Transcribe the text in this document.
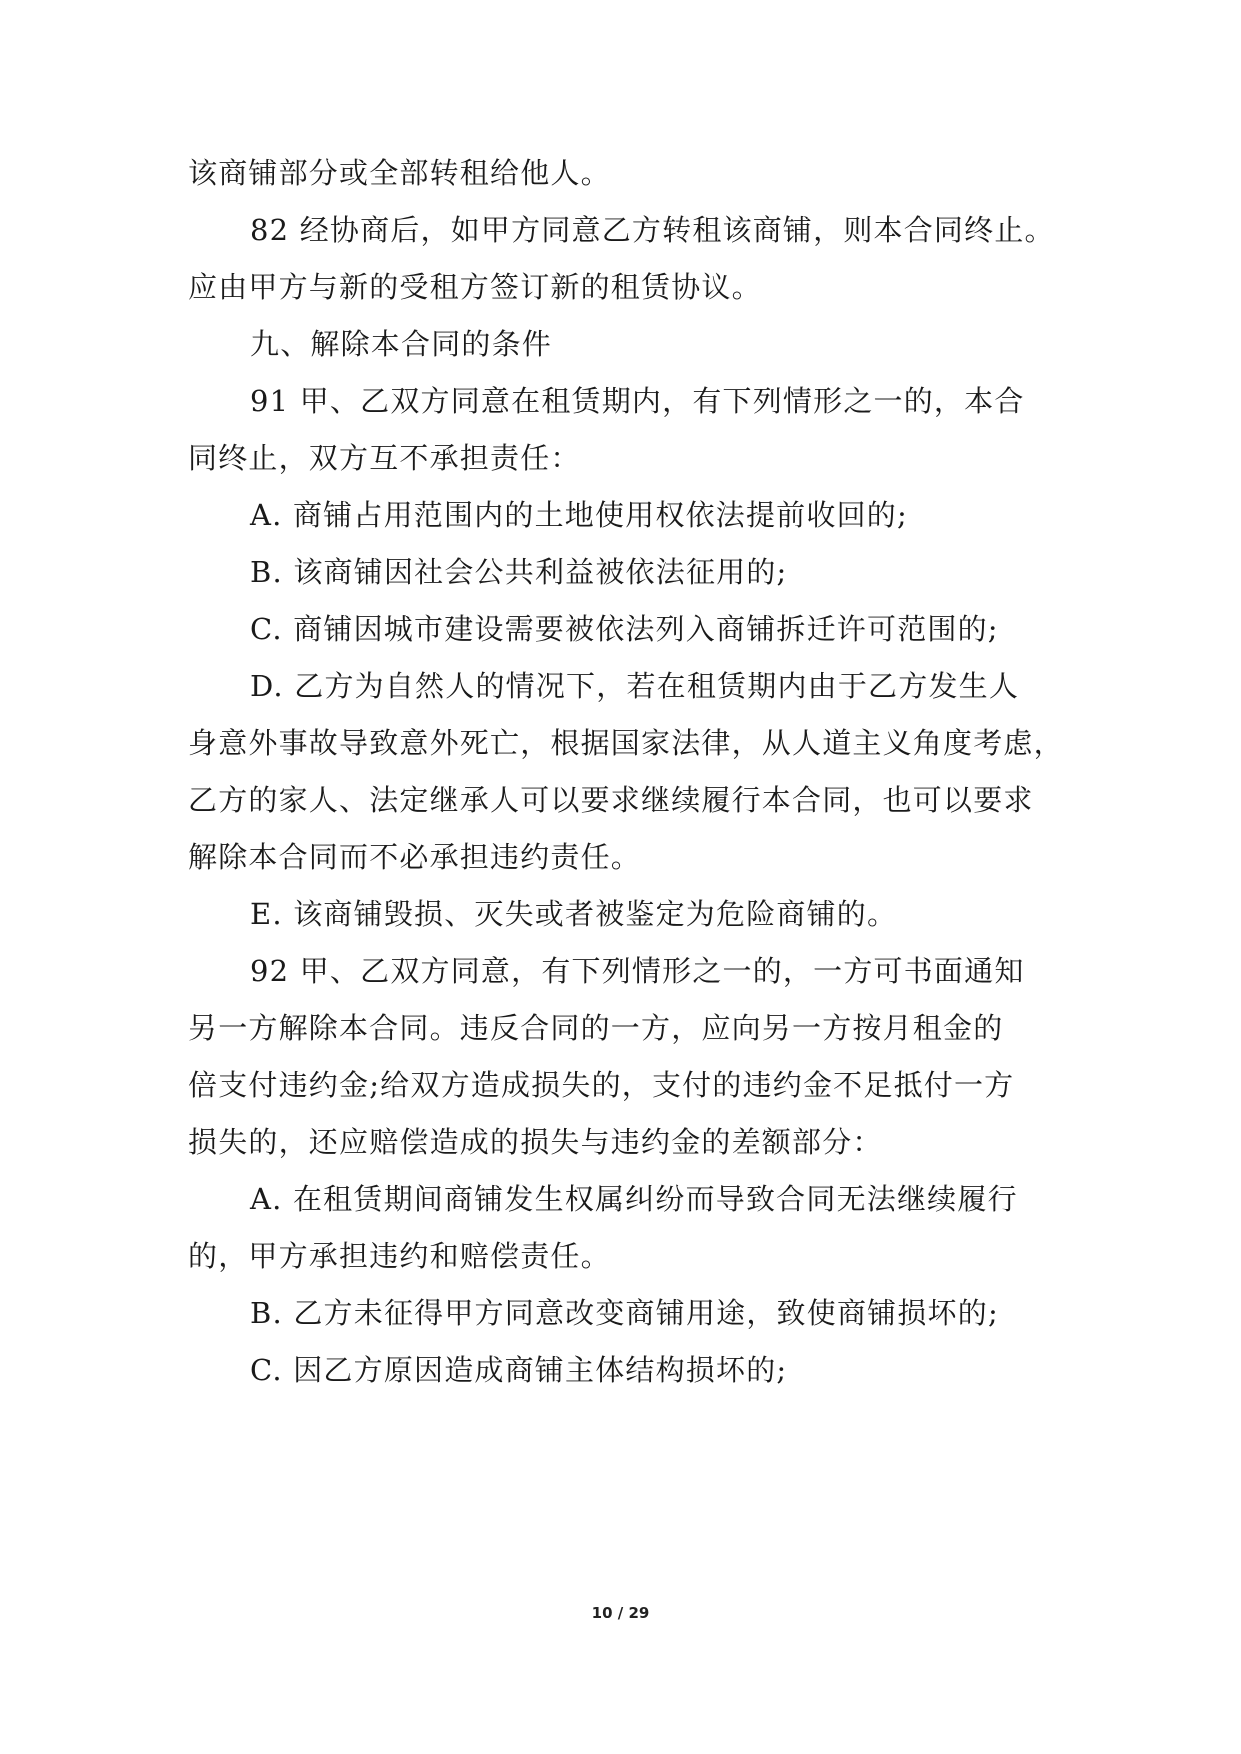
该商铺部分或全部转租给他人。
82 经协商后，如甲方同意乙方转租该商铺，则本合同终止。
应由甲方与新的受租方签订新的租赁协议。
九、解除本合同的条件
91 甲、乙双方同意在租赁期内，有下列情形之一的，本合
同终止，双方互不承担责任：
A. 商铺占用范围内的土地使用权依法提前收回的;
B. 该商铺因社会公共利益被依法征用的;
C. 商铺因城市建设需要被依法列入商铺拆迁许可范围的;
D. 乙方为自然人的情况下，若在租赁期内由于乙方发生人
身意外事故导致意外死亡，根据国家法律，从人道主义角度考虑，
乙方的家人、法定继承人可以要求继续履行本合同，也可以要求
解除本合同而不必承担违约责任。
E. 该商铺毁损、灭失或者被鉴定为危险商铺的。
92 甲、乙双方同意，有下列情形之一的，一方可书面通知
另一方解除本合同。违反合同的一方，应向另一方按月租金的
倍支付违约金;给双方造成损失的，支付的违约金不足抵付一方
损失的，还应赔偿造成的损失与违约金的差额部分：
A. 在租赁期间商铺发生权属纠纷而导致合同无法继续履行
的，甲方承担违约和赔偿责任。
B. 乙方未征得甲方同意改变商铺用途，致使商铺损坏的;
C. 因乙方原因造成商铺主体结构损坏的;
10 / 29
